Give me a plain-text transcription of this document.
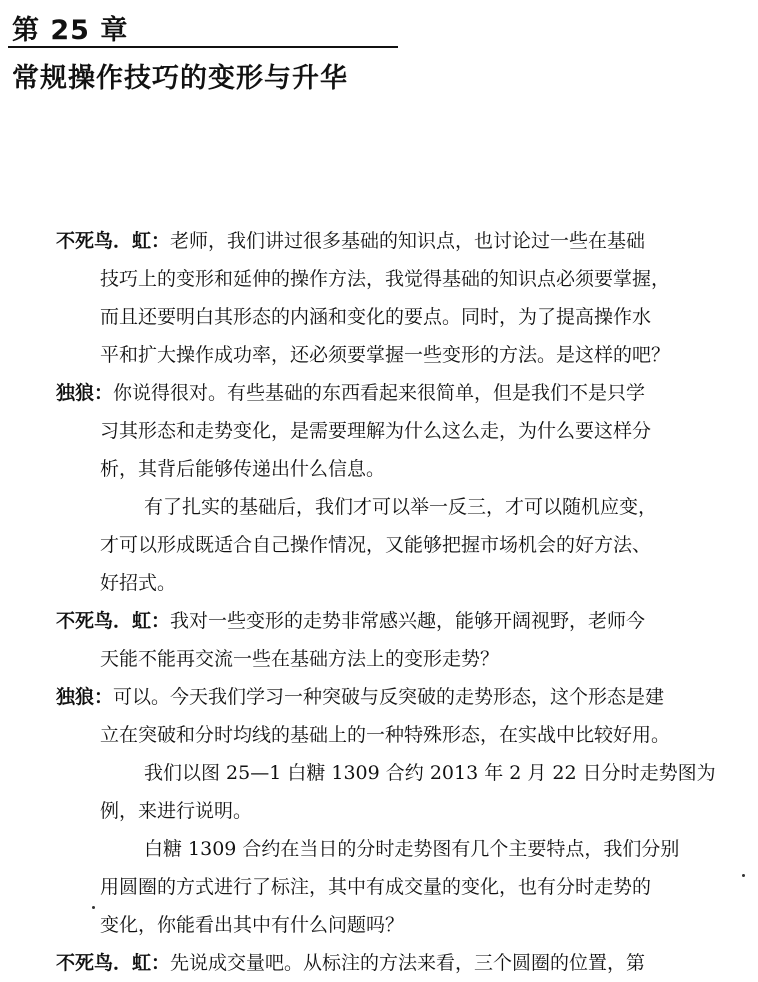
第 25 章
常规操作技巧的变形与升华
不死鸟．虹：老师，我们讲过很多基础的知识点，也讨论过一些在基础
技巧上的变形和延伸的操作方法，我觉得基础的知识点必须要掌握，
而且还要明白其形态的内涵和变化的要点。同时，为了提高操作水
平和扩大操作成功率，还必须要掌握一些变形的方法。是这样的吧？
独狼：你说得很对。有些基础的东西看起来很简单，但是我们不是只学
习其形态和走势变化，是需要理解为什么这么走，为什么要这样分
析，其背后能够传递出什么信息。
有了扎实的基础后，我们才可以举一反三，才可以随机应变，
才可以形成既适合自己操作情况，又能够把握市场机会的好方法、
好招式。
不死鸟．虹：我对一些变形的走势非常感兴趣，能够开阔视野，老师今
天能不能再交流一些在基础方法上的变形走势？
独狼：可以。今天我们学习一种突破与反突破的走势形态，这个形态是建
立在突破和分时均线的基础上的一种特殊形态，在实战中比较好用。
我们以图 25—1 白糖 1309 合约 2013 年 2 月 22 日分时走势图为
例，来进行说明。
白糖 1309 合约在当日的分时走势图有几个主要特点，我们分别
用圆圈的方式进行了标注，其中有成交量的变化，也有分时走势的
变化，你能看出其中有什么问题吗？
不死鸟．虹：先说成交量吧。从标注的方法来看，三个圆圈的位置，第
